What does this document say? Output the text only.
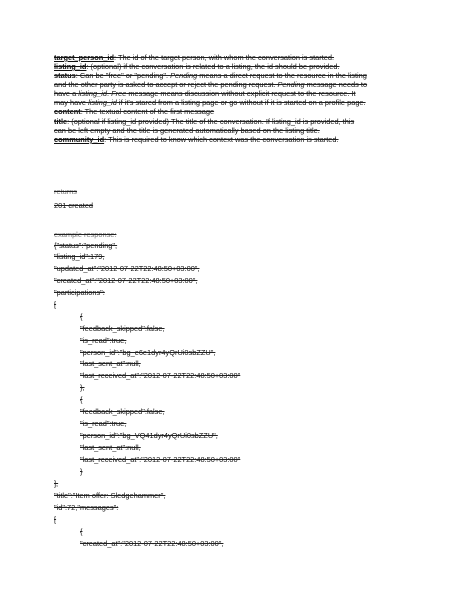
target_person_id: The id of the target person, with whom the conversation is started.
listing_id: (optional) if the conversation is related to a listing, the id should be provided.
status: Can be "free" or "pending". Pending means a direct request to the resource in the listing
and the other party is asked to accept or reject the pending request. Pending message needs to
have a listing_id. Free message means discussion without explicit request to the resource. It
may have listing_id if it's stared from a listing page or go without if it is started on a profile page.
content: The textual content of the first message
title: (optional if listing_id provided) The title of the conversation. If listing_id is provided, this
can be left empty and the title is generated automatically based on the listing title.
community_id: This is required to know which context was the conversation is started.
returns
201 created
example response:
{"status":"pending",
"listing_id":179,
"updated_at":"2012-07-22T22:48:50+03:00",
"created_at":"2012-07-22T22:48:50+03:00",
"participations":
[
{
"feedback_skipped":false,
"is_read":true,
"person_id":"bg_e6e1dyr4yQrUi0sbZZU",
"last_sent_at":null,
"last_received_at":"2012-07-22T22:48:50+03:00"
},
{
"feedback_skipped":false,
"is_read":true,
"person_id":"bg_VQ41dyr4yQrUi0sbZZU",
"last_sent_at":null,
"last_received_at":"2012-07-22T22:48:50+03:00"
}
],
"title":"Item offer: Sledgehammer",
"id":72,"messages":
[
{
"created_at":"2012-07-22T22:48:50+03:00",
